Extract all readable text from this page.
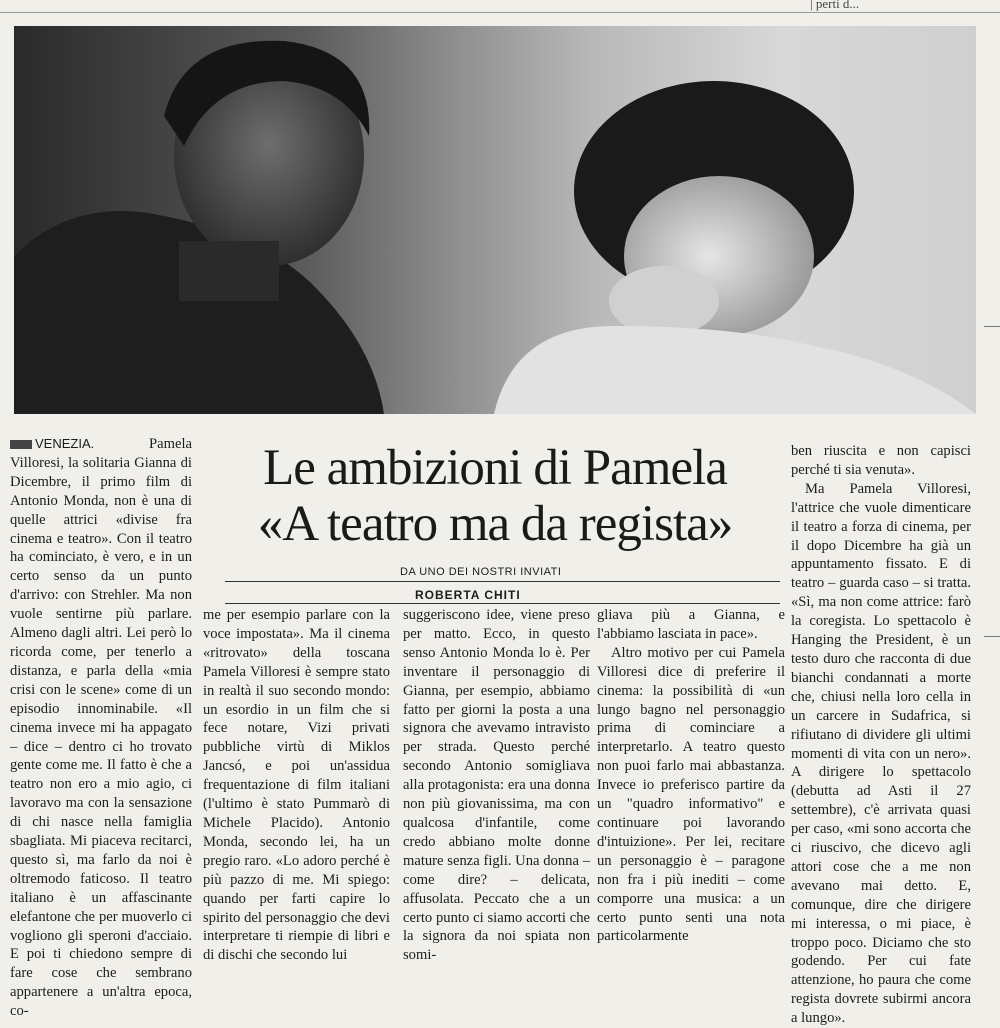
| perti d...
Le ambizioni di Pamela
«A teatro ma da regista»
DA UNO DEI NOSTRI INVIATI
ROBERTA CHITI

VENEZIA.	Pamela Villoresi, la solitaria Gianna di Dicembre, il primo film di Antonio Monda, non è una di quelle attrici «divise fra cinema e teatro». Con il teatro ha cominciato, è vero, e in un certo senso da un punto d'arrivo: con Strehler. Ma non vuole sentirne più parlare. Almeno dagli altri. Lei però lo ricorda come, per tenerlo a distanza, e parla della «mia crisi con le scene» come di un episodio innominabile. «Il cinema invece mi ha appagato – dice – dentro ci ho trovato gente come me. Il fatto è che a teatro non ero a mio agio, ci lavoravo ma con la sensazione di chi nasce nella famiglia sbagliata. Mi piaceva recitarci, questo sì, ma farlo da noi è oltremodo faticoso. Il teatro italiano è un affascinante elefantone che per muoverlo ci vogliono gli speroni d'acciaio. E poi ti chiedono sempre di fare cose che sembrano appartenere a un'altra epoca, co-

me per esempio parlare con la voce impostata». Ma il cinema «ritrovato» della toscana Pamela Villoresi è sempre stato in realtà il suo secondo mondo: un esordio in un film che si fece notare, Vizi privati pubbliche virtù di Miklos Jancsó, e poi un'assidua frequentazione di film italiani (l'ultimo è stato Pummarò di Michele Placido). Antonio Monda, secondo lei, ha un pregio raro. «Lo adoro perché è più pazzo di me. Mi spiego: quando per farti capire lo spirito del personaggio che devi interpretare ti riempie di libri e di dischi che secondo lui

suggeriscono idee, viene preso per matto. Ecco, in questo senso Antonio Monda lo è. Per inventare il personaggio di Gianna, per esempio, abbiamo fatto per giorni la posta a una signora che avevamo intravisto per strada. Questo perché secondo Antonio somigliava alla protagonista: era una donna non più giovanissima, ma con qualcosa d'infantile, come credo abbiano molte donne mature senza figli. Una donna – come dire? – delicata, affusolata. Peccato che a un certo punto ci siamo accorti che la signora da noi spiata non somi-

gliava più a Gianna, e l'abbiamo lasciata in pace».

Altro motivo per cui Pamela Villoresi dice di preferire il cinema: la possibilità di «un lungo bagno nel personaggio prima di cominciare a interpretarlo. A teatro questo non puoi farlo mai abbastanza. Invece io preferisco partire da un "quadro informativo" e continuare poi lavorando d'intuizione». Per lei, recitare un personaggio è – paragone non fra i più inediti – come comporre una musica: a un certo punto senti una nota particolarmente

ben riuscita e non capisci perché ti sia venuta».

Ma Pamela Villoresi, l'attrice che vuole dimenticare il teatro a forza di cinema, per il dopo Dicembre ha già un appuntamento fissato. E di teatro – guarda caso – si tratta. «Sì, ma non come attrice: farò la coregista. Lo spettacolo è Hanging the President, è un testo duro che racconta di due bianchi condannati a morte che, chiusi nella loro cella in un carcere in Sudafrica, si rifiutano di dividere gli ultimi momenti di vita con un nero». A dirigere lo spettacolo (debutta ad Asti il 27 settembre), c'è arrivata quasi per caso, «mi sono accorta che ci riuscivo, che dicevo agli attori cose che a me non avevano mai detto. E, comunque, dire che dirigere mi interessa, o mi piace, è troppo poco. Diciamo che sto godendo. Per cui fate attenzione, ho paura che come regista dovrete subirmi ancora a lungo».
